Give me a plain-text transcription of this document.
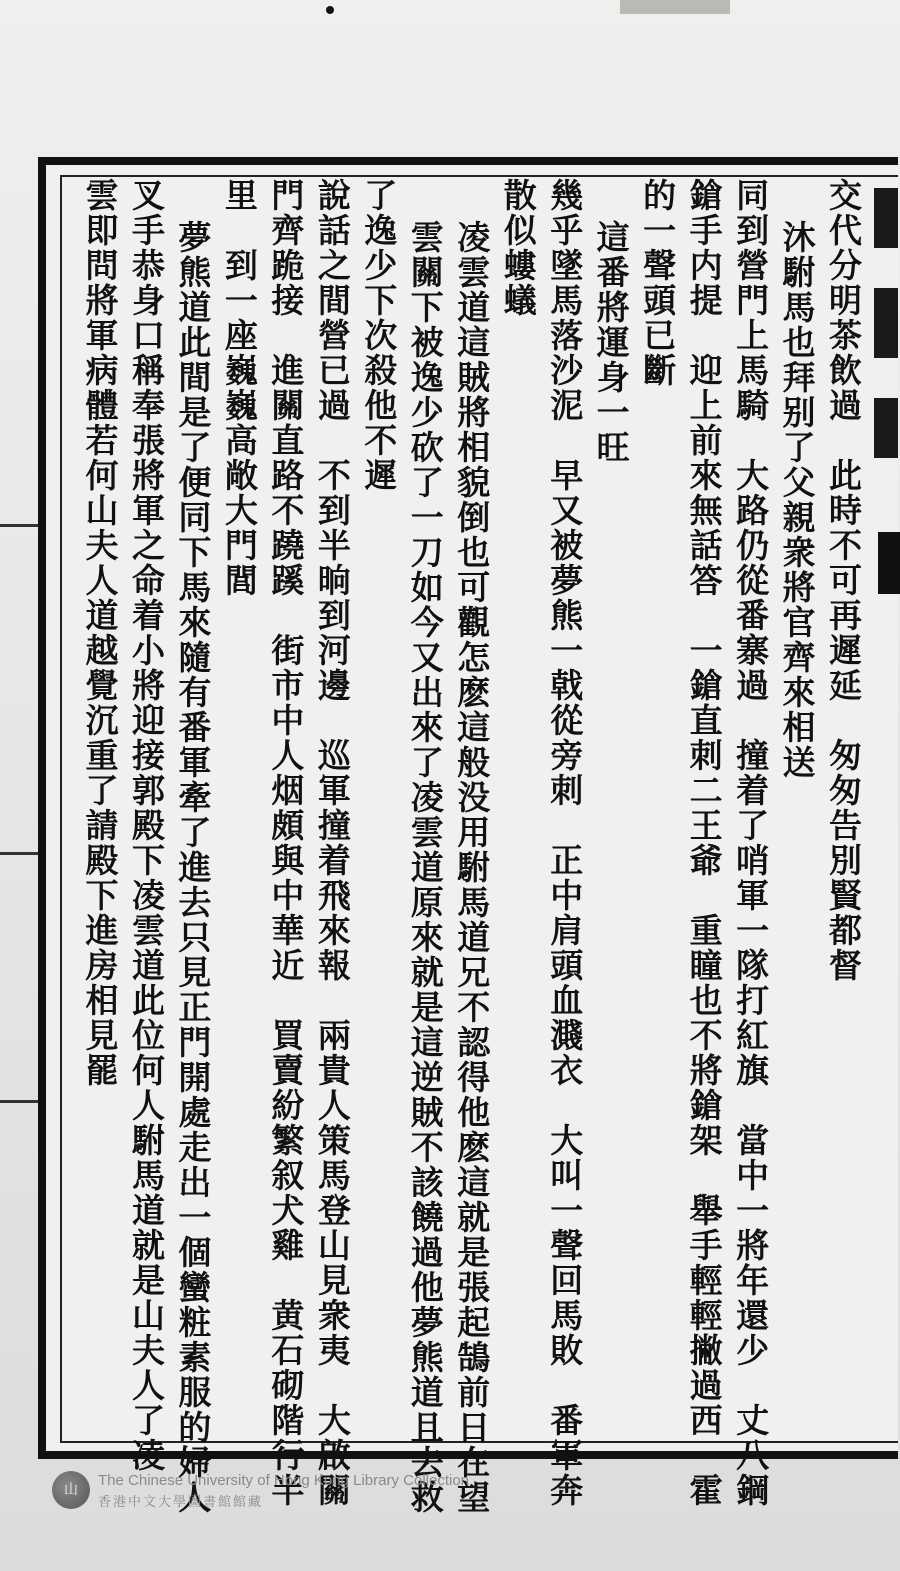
交代分明茶飲過　此時不可再遲延　匆匆告別賢都督
沐駙馬也拜别了父親衆將官齊來相送
同到營門上馬騎　大路仍從番寨過　撞着了哨軍一隊打紅旗　當中一將年還少　丈八鋼
鎗手内提　迎上前來無話答　一鎗直刺二王爺　重瞳也不將鎗架　舉手輕輕撇過西　霍
的一聲頭已斷
這番將運身一旺
幾乎墜馬落沙泥　早又被夢熊一戟從旁刺　正中肩頭血濺衣　大叫一聲回馬敗　番軍奔
散似螻蟻
凌雲道這賊將相貌倒也可觀怎麽這般没用駙馬道兄不認得他麽這就是張起鵠前日在望
雲關下被逸少砍了一刀如今又出來了凌雲道原來就是這逆賊不該饒過他夢熊道且去救
了逸少下次殺他不遲
說話之間營已過　不到半晌到河邊　巡軍撞着飛來報　兩貴人策馬登山見衆夷　大啟關
門齊跪接　進關直路不蹺蹊　街市中人烟頗與中華近　買賣紛繁叙犬雞　黄石砌階行半
里　到一座巍巍高敞大門閭
夢熊道此間是了便同下馬來隨有番軍牽了進去只見正門開處走出一個蠻粧素服的婦人
叉手恭身口稱奉張將軍之命着小將迎接郭殿下凌雲道此位何人駙馬道就是山夫人了凌
雲即問將軍病體若何山夫人道越覺沉重了請殿下進房相見罷
山
The Chinese University of Hong Kong Library Collection
香港中文大學圖書館館藏
